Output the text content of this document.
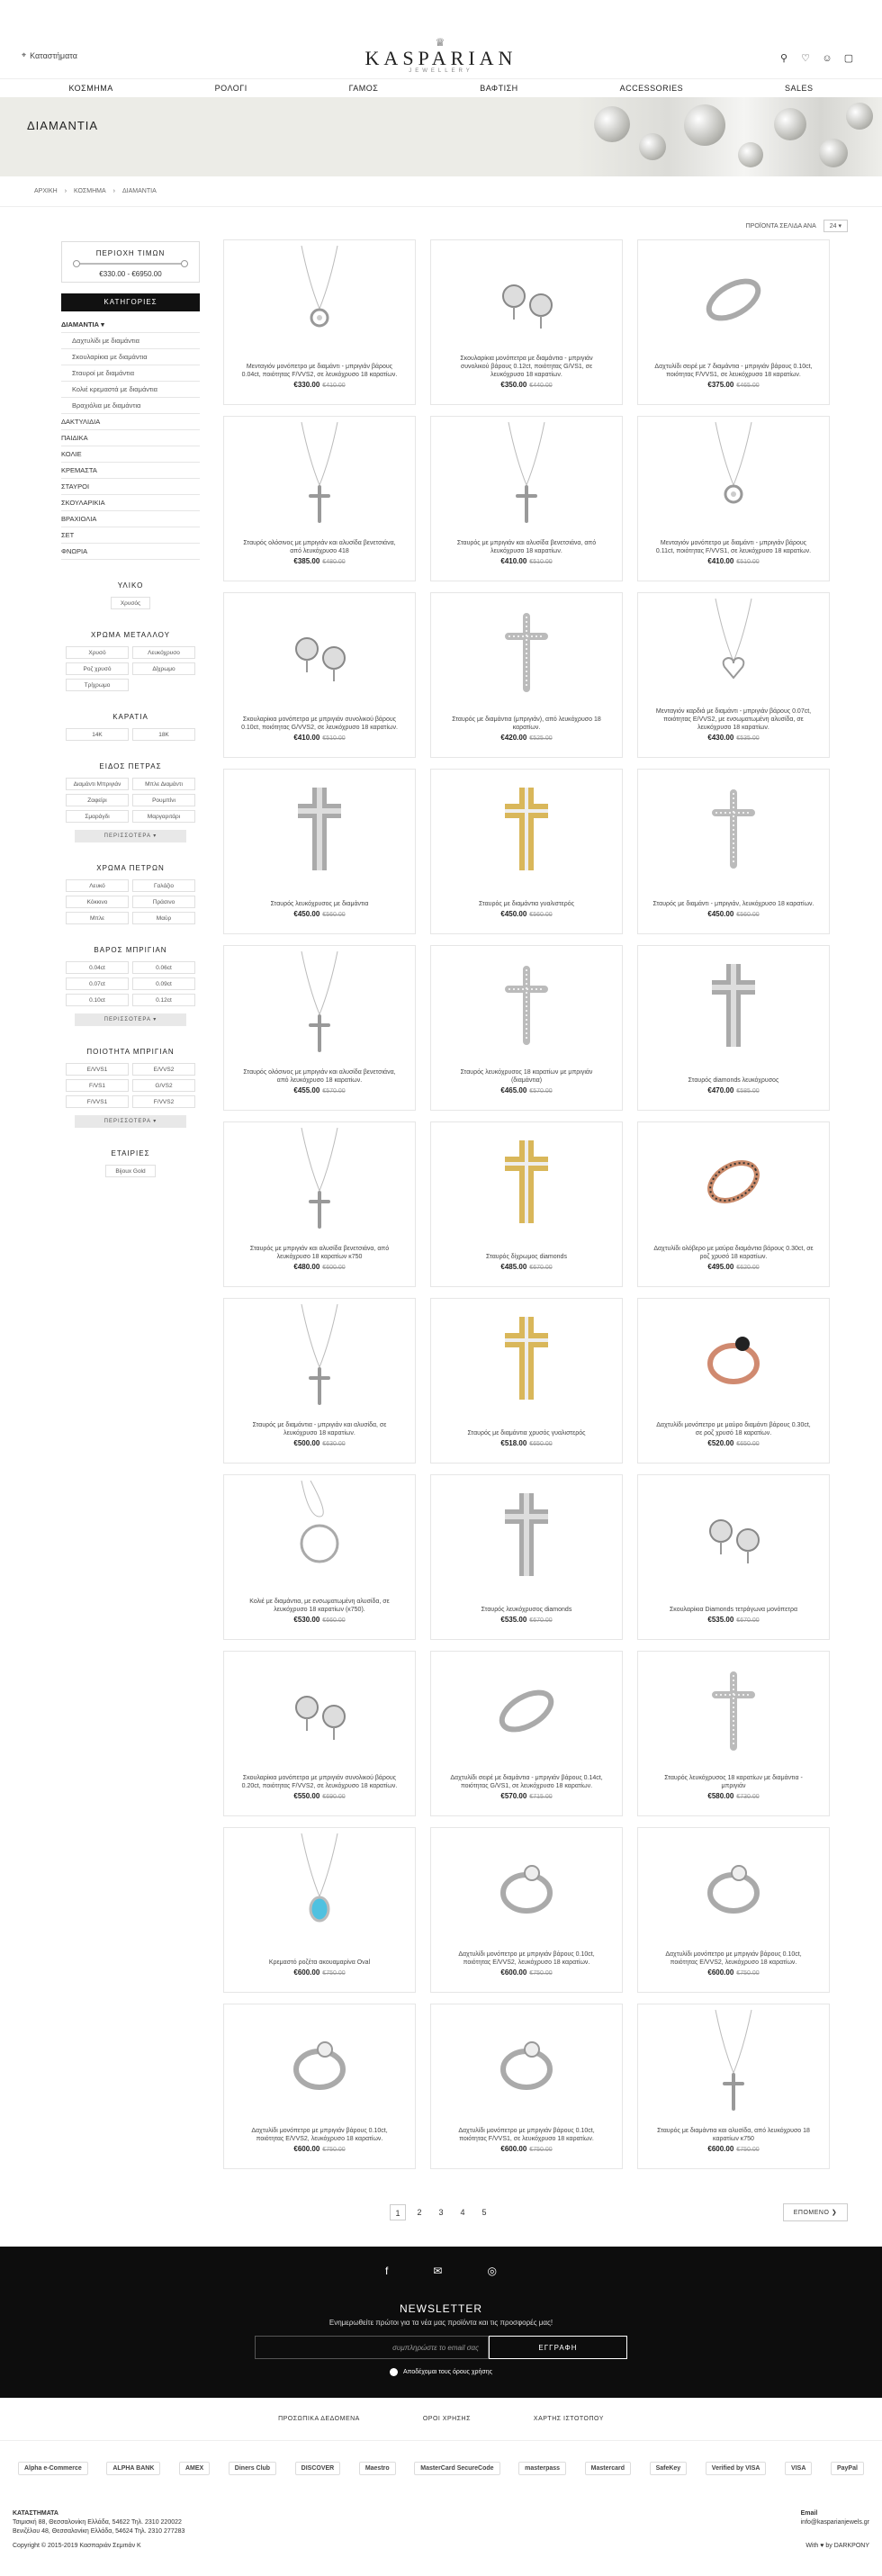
⌖ Καταστήματα
♕
KASPARIAN
JEWELLERY
⚲ ♡ ☺ ▢
ΚΟΣΜΗΜΑ	ΡΟΛΟΓΙ	ΓΑΜΟΣ	ΒΑΦΤΙΣΗ	ACCESSORIES	SALES
ΔΙΑΜΑΝΤΙΑ
ΑΡΧΙΚΗ › ΚΟΣΜΗΜΑ › ΔΙΑΜΑΝΤΙΑ
ΠΕΡΙΟΧΗ ΤΙΜΩΝ
€330.00 - €6950.00
ΚΑΤΗΓΟΡΙΕΣ
ΔΙΑΜΑΝΤΙΑ ▾
Δαχτυλίδι με διαμάντια
Σκουλαρίκια με διαμάντια
Σταυροί με διαμάντια
Κολιέ κρεμαστά με διαμάντια
Βραχιόλια με διαμάντια
ΔΑΚΤΥΛΙΔΙΑ
ΠΑΙΔΙΚΑ
ΚΟΛΙΕ
ΚΡΕΜΑΣΤΑ
ΣΤΑΥΡΟΙ
ΣΚΟΥΛΑΡΙΚΙΑ
ΒΡΑΧΙΟΛΙΑ
ΣΕΤ
ΦΝΩΡΙΑ
ΥΛΙΚΟ
Χρυσός
ΧΡΩΜΑ ΜΕΤΑΛΛΟΥ
Χρυσό	Λευκόχρυσο
Ροζ χρυσό	Δίχρωμο
Τρίχρωμο
ΚΑΡΑΤΙΑ
14Κ	18Κ
ΕΙΔΟΣ ΠΕΤΡΑΣ
Διαμάντι Μπριγιάν	Μπλε Διαμάντι
Ζαφείρι	Ρουμπίνι
Σμαράγδι	Μαργαριτάρι
ΠΕΡΙΣΣΟΤΕΡΑ ▾
ΧΡΩΜΑ ΠΕΤΡΩΝ
Λευκό	Γαλάζιο
Κόκκινο	Πράσινο
Μπλε	Μαύρ
ΒΑΡΟΣ ΜΠΡΙΓΙΑΝ
0.04ct	0.06ct
0.07ct	0.09ct
0.10ct	0.12ct
ΠΕΡΙΣΣΟΤΕΡΑ ▾
ΠΟΙΟΤΗΤΑ ΜΠΡΙΓΙΑΝ
E/VVS1	E/VVS2
F/VS1	G/VS2
F/VVS1	F/VVS2
ΠΕΡΙΣΣΟΤΕΡΑ ▾
ΕΤΑΙΡΙΕΣ
Bijoux Gold
ΠΡΟΪΟΝΤΑ ΣΕΛΙΔΑ ΑΝΑ	24 ▾
Μενταγιόν μονόπετρο με διαμάντι - μπριγιάν βάρους 0.04ct, ποιότητας F/VVS2, σε λευκόχρυσο 18 καρατίων.
€330.00 €410.00
Σκουλαρίκια μονόπετρα με διαμάντια - μπριγιάν συνολικού βάρους 0.12ct, ποιότητας G/VS1, σε λευκόχρυσο 18 καρατίων.
€350.00 €440.00
Δαχτυλίδι σειρέ με 7 διαμάντια - μπριγιάν βάρους 0.10ct, ποιότητας F/VVS1, σε λευκόχρυσο 18 καρατίων.
€375.00 €465.00
Σταυρός ολόσινος με μπριγιάν και αλυσίδα βενετσιάνα, από λευκόχρυσο 418
€385.00 €480.00
Σταυρός με μπριγιάν και αλυσίδα βενετσιάνα, από λευκόχρυσο 18 καρατίων.
€410.00 €510.00
Μενταγιόν μονόπετρο με διαμάντι - μπριγιάν βάρους 0.11ct, ποιότητας F/VVS1, σε λευκόχρυσο 18 καρατίων.
€410.00 €510.00
Σκουλαρίκια μονόπετρα με μπριγιάν συνολικού βάρους 0.10ct, ποιότητας G/VVS2, σε λευκόχρυσο 18 καρατίων.
€410.00 €510.00
Σταυρός με διαμάντια (μπριγιάν), από λευκόχρυσο 18 καρατίων.
€420.00 €525.00
Μενταγιόν καρδιά με διαμάντι - μπριγιάν βάρους 0.07ct, ποιότητας E/VVS2, με ενσωματωμένη αλυσίδα, σε λευκόχρυσο 18 καρατίων.
€430.00 €535.00
Σταυρός λευκόχρυσος με διαμάντια
€450.00 €560.00
Σταυρός με διαμάντια γυαλιστερός
€450.00 €560.00
Σταυρός με διαμάντι - μπριγιάν, λευκόχρυσο 18 καρατίων.
€450.00 €560.00
Σταυρός ολόσινος με μπριγιάν και αλυσίδα βενετσιάνα, από λευκόχρυσο 18 καρατίων.
€455.00 €570.00
Σταυρός λευκόχρυσος 18 καρατίων με μπριγιάν (διαμάντια)
€465.00 €570.00
Σταυρός diamonds λευκόχρυσος
€470.00 €585.00
Σταυρός με μπριγιάν και αλυσίδα βενετσιάνα, από λευκόχρυσο 18 καρατίων κ750
€480.00 €600.00
Σταυρός δίχρωμος diamonds
€485.00 €670.00
Δαχτυλίδι ολόβερο με μαύρα διαμάντια βάρους 0.30ct, σε ροζ χρυσό 18 καρατίων.
€495.00 €620.00
Σταυρός με διαμάντια - μπριγιάν και αλυσίδα, σε λευκόχρυσο 18 καρατίων.
€500.00 €630.00
Σταυρός με διαμάντια χρυσός γυαλιστερός
€518.00 €650.00
Δαχτυλίδι μονόπετρο με μαύρο διαμάντι βάρους 0.30ct, σε ροζ χρυσό 18 καρατίων.
€520.00 €650.00
Κολιέ με διαμάντια, με ενσωματωμένη αλυσίδα, σε λευκόχρυσο 18 καρατίων (κ750).
€530.00 €660.00
Σταυρός λευκόχρυσος diamonds
€535.00 €670.00
Σκουλαρίκια Diamonds τετράγωνα μονόπετρα
€535.00 €670.00
Σκουλαρίκια μονόπετρα με μπριγιάν συνολικού βάρους 0.20ct, ποιότητας F/VVS2, σε λευκόχρυσο 18 καρατίων.
€550.00 €690.00
Δαχτυλίδι σειρέ με διαμάντια - μπριγιάν βάρους 0.14ct, ποιότητας G/VS1, σε λευκόχρυσο 18 καρατίων.
€570.00 €715.00
Σταυρός λευκόχρυσος 18 καρατίων με διαμάντια - μπριγιάν
€580.00 €730.00
Κρεμαστό ροζέτα ακουαμαρίνα Oval
€600.00 €750.00
Δαχτυλίδι μονόπετρο με μπριγιάν βάρους 0.10ct, ποιότητας E/VVS2, λευκόχρυσο 18 καρατίων.
€600.00 €750.00
Δαχτυλίδι μονόπετρο με μπριγιάν βάρους 0.10ct, ποιότητας E/VVS2, λευκόχρυσο 18 καρατίων.
€600.00 €750.00
Δαχτυλίδι μονόπετρο με μπριγιάν βάρους 0.10ct, ποιότητας E/VVS2, λευκόχρυσο 18 καρατίων.
€600.00 €750.00
Δαχτυλίδι μονόπετρο με μπριγιάν βάρους 0.10ct, ποιότητας F/VVS1, σε λευκόχρυσο 18 καρατίων.
€600.00 €750.00
Σταυρός με διαμάντια και αλυσίδα, από λευκόχρυσο 18 καρατίων κ750
€600.00 €750.00
1	2	3	4	5	ΕΠΟΜΕΝΟ ❯
f	✉	◎
NEWSLETTER
Ενημερωθείτε πρώτοι για τα νέα μας προϊόντα και τις προσφορές μας!
συμπληρώστε το email σας	ΕΓΓΡΑΦΗ
Αποδέχομαι τους όρους χρήσης
ΠΡΟΣΩΠΙΚΑ ΔΕΔΟΜΕΝΑ	ΟΡΟΙ ΧΡΗΣΗΣ	ΧΑΡΤΗΣ ΙΣΤΟΤΟΠΟΥ
Alpha e-Commerce	ALPHA BANK	AMEX	Diners Club	DISCOVER	Maestro	MasterCard SecureCode	masterpass	Mastercard	SafeKey	Verified by VISA	VISA	PayPal
ΚΑΤΑΣΤΗΜΑΤΑ
Τσιμισκή 88, Θεσσαλονίκη Ελλάδα, 54622 Τηλ. 2310 220022
Βενιζέλου 48, Θεσσαλονίκη Ελλάδα, 54624 Τηλ. 2310 277283
Email
info@kasparianjewels.gr
Copyright © 2015-2019 Κασπαριάν Σεμιτιάν Κ	With ♥ by DARKPONY
